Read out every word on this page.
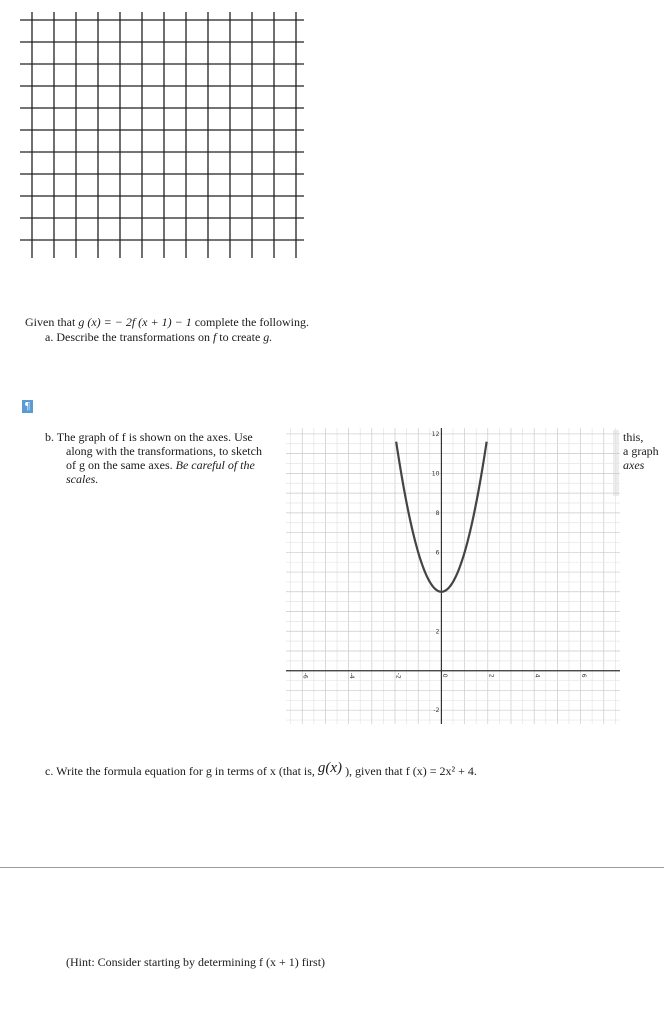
Given that g (x) = − 2f (x + 1) − 1 complete the following.
a. Describe the transformations on f to create g.
¶
b. The graph of f is shown on the axes. Use
along with the transformations, to sketch
of g on the same axes. Be careful of the
scales.
this,
a graph
axes
-6	-4	-2	0	2	4	6
-2
2
6
8
10
12
c. Write the formula equation for g in terms of x (that is, g(x) ), given that f (x) = 2x² + 4.
(Hint: Consider starting by determining f (x + 1) first)
